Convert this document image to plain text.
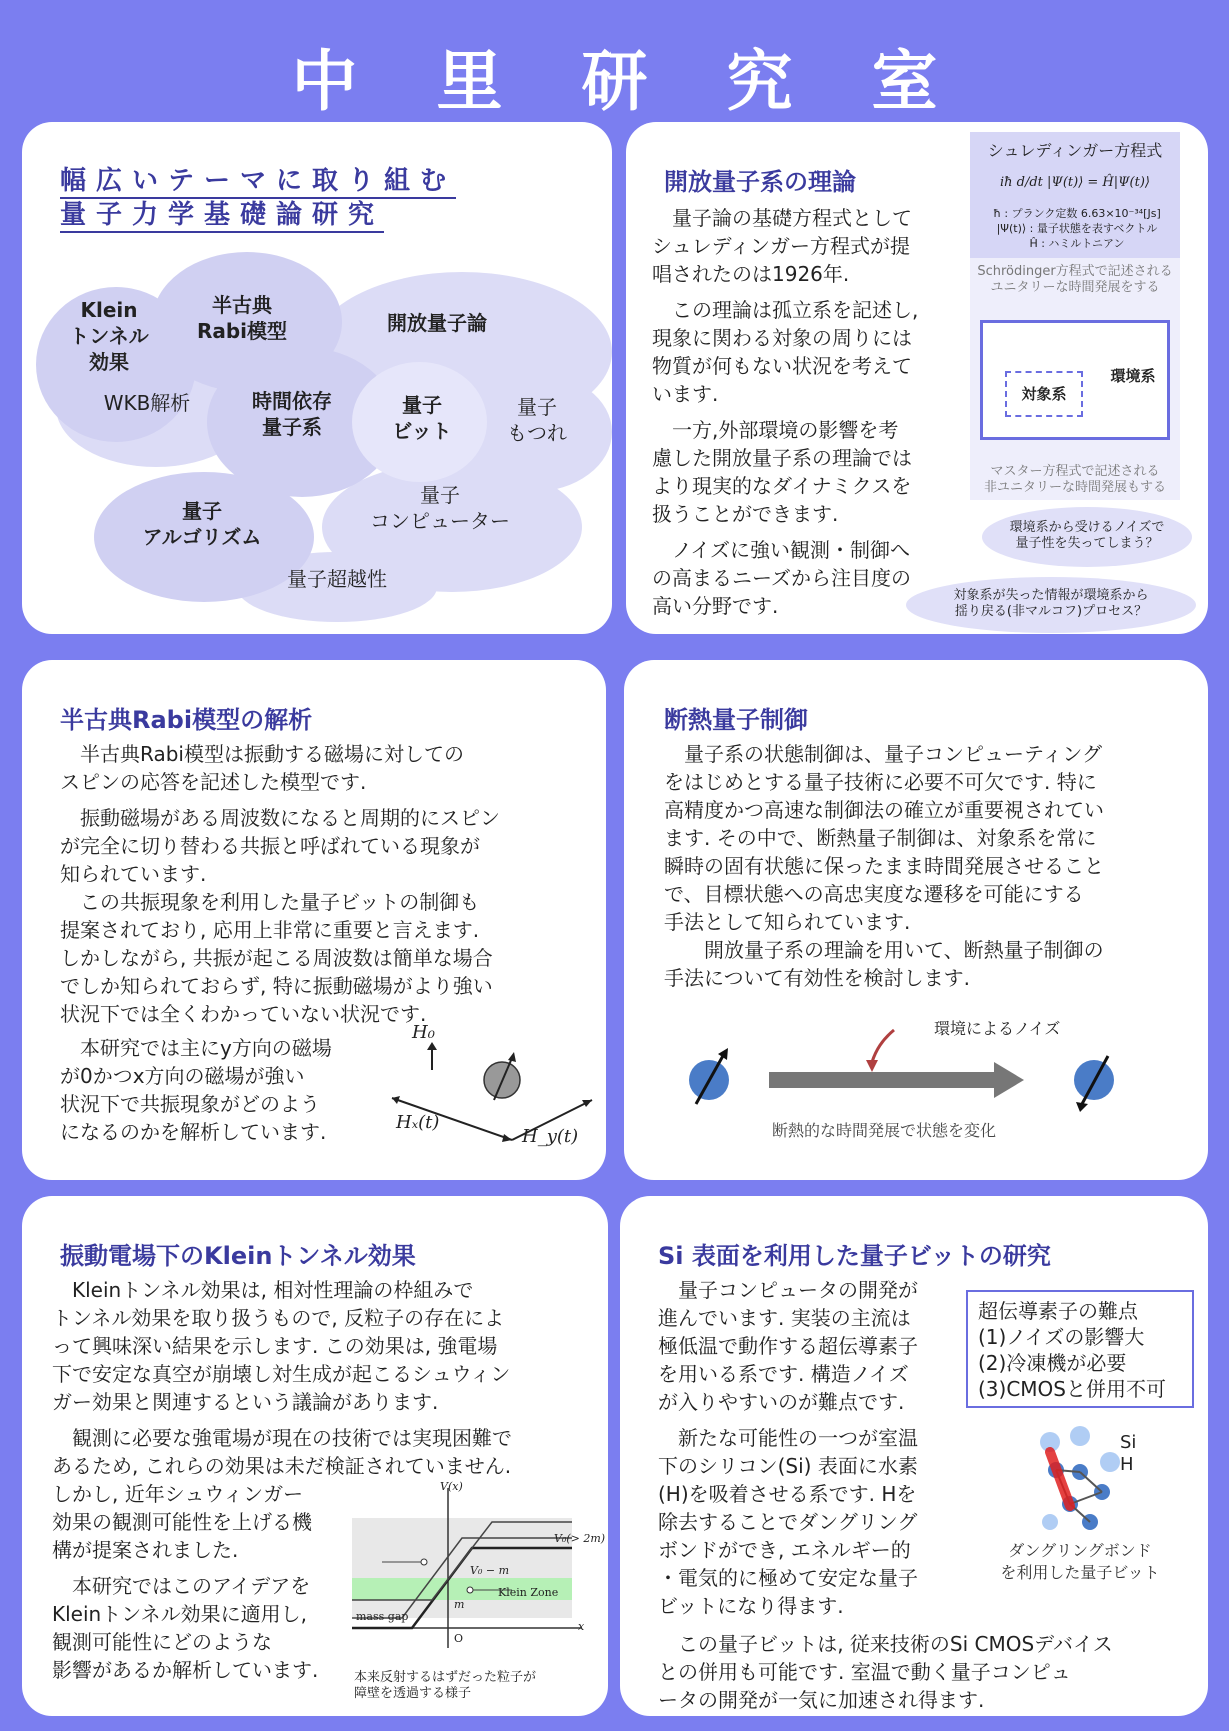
中 里 研 究 室
幅広いテーマに取り組む
量子力学基礎論研究
Klein
トンネル
効果
半古典
Rabi模型	開放量子論
WKB解析	時間依存
量子系
量子
ビット
量子
もつれ
量子
コンピューター
量子
アルゴリズム
量子超越性
開放量子系の理論

量子論の基礎方程式として
シュレディンガー方程式が提
唱されたのは1926年.

この理論は孤立系を記述し,
現象に関わる対象の周りには
物質が何もない状況を考えて
います.

一方,外部環境の影響を考
慮した開放量子系の理論では
より現実的なダイナミクスを
扱うことができます.

ノイズに強い観測・制御へ
の高まるニーズから注目度の
高い分野です.

シュレディンガー方程式
iħ d/dt |Ψ(t)⟩ = Ĥ|Ψ(t)⟩
ħ : プランク定数 6.63×10⁻³⁴[Js]
|Ψ(t)⟩ : 量子状態を表すベクトル
Ĥ : ハミルトニアン
Schrödinger方程式で記述される
ユニタリーな時間発展をする
環境系
対象系
マスター方程式で記述される
非ユニタリーな時間発展もする
環境系から受けるノイズで
量子性を失ってしまう？
対象系が失った情報が環境系から
揺り戻る(非マルコフ)プロセス？
半古典Rabi模型の解析

　半古典Rabi模型は振動する磁場に対しての
スピンの応答を記述した模型です.

　振動磁場がある周波数になると周期的にスピン
が完全に切り替わる共振と呼ばれている現象が
知られています.
　この共振現象を利用した量子ビットの制御も
提案されており, 応用上非常に重要と言えます.
しかしながら, 共振が起こる周波数は簡単な場合
でしか知られておらず, 特に振動磁場がより強い
状況下では全くわかっていない状況です.

　本研究では主にy方向の磁場
が0かつx方向の磁場が強い
状況下で共振現象がどのよう
になるのかを解析しています.
H₀
Hₓ(t)
H_y(t)
断熱量子制御
　量子系の状態制御は、量子コンピューティング
をはじめとする量子技術に必要不可欠です. 特に
高精度かつ高速な制御法の確立が重要視されてい
ます. その中で、断熱量子制御は、対象系を常に
瞬時の固有状態に保ったまま時間発展させること
で、目標状態への高忠実度な遷移を可能にする
手法として知られています.
　　開放量子系の理論を用いて、断熱量子制御の
手法について有効性を検討します.
環境によるノイズ
断熱的な時間発展で状態を変化
振動電場下のKleinトンネル効果

　Kleinトンネル効果は, 相対性理論の枠組みで
トンネル効果を取り扱うもので, 反粒子の存在によ
って興味深い結果を示します. この効果は, 強電場
下で安定な真空が崩壊し対生成が起こるシュウィン
ガー効果と関連するという議論があります.

　観測に必要な強電場が現在の技術では実現困難で
あるため, これらの効果は未だ検証されていません.
しかし, 近年シュウィンガー
効果の観測可能性を上げる機
構が提案されました.

　本研究ではこのアイデアを
Kleinトンネル効果に適用し,
観測可能性にどのような
影響があるか解析しています.

V(x)
V₀(> 2m)
V₀ − m
m
Klein Zone
mass gap
x
O
本来反射するはずだった粒子が
障壁を透過する様子
Si 表面を利用した量子ビットの研究

　量子コンピュータの開発が
進んでいます. 実装の主流は
極低温で動作する超伝導素子
を用いる系です. 構造ノイズ
が入りやすいのが難点です.

　新たな可能性の一つが室温
下のシリコン(Si) 表面に水素
(H)を吸着させる系です. Hを
除去することでダングリング
ボンドができ, エネルギー的
・電気的に極めて安定な量子
ビットになり得ます.

　この量子ビットは, 従来技術のSi CMOSデバイス
との併用も可能です. 室温で動く量子コンピュ
ータの開発が一気に加速され得ます.
超伝導素子の難点
(1)ノイズの影響大
(2)冷凍機が必要
(3)CMOSと併用不可
Si
H
ダングリングボンド
を利用した量子ビット
